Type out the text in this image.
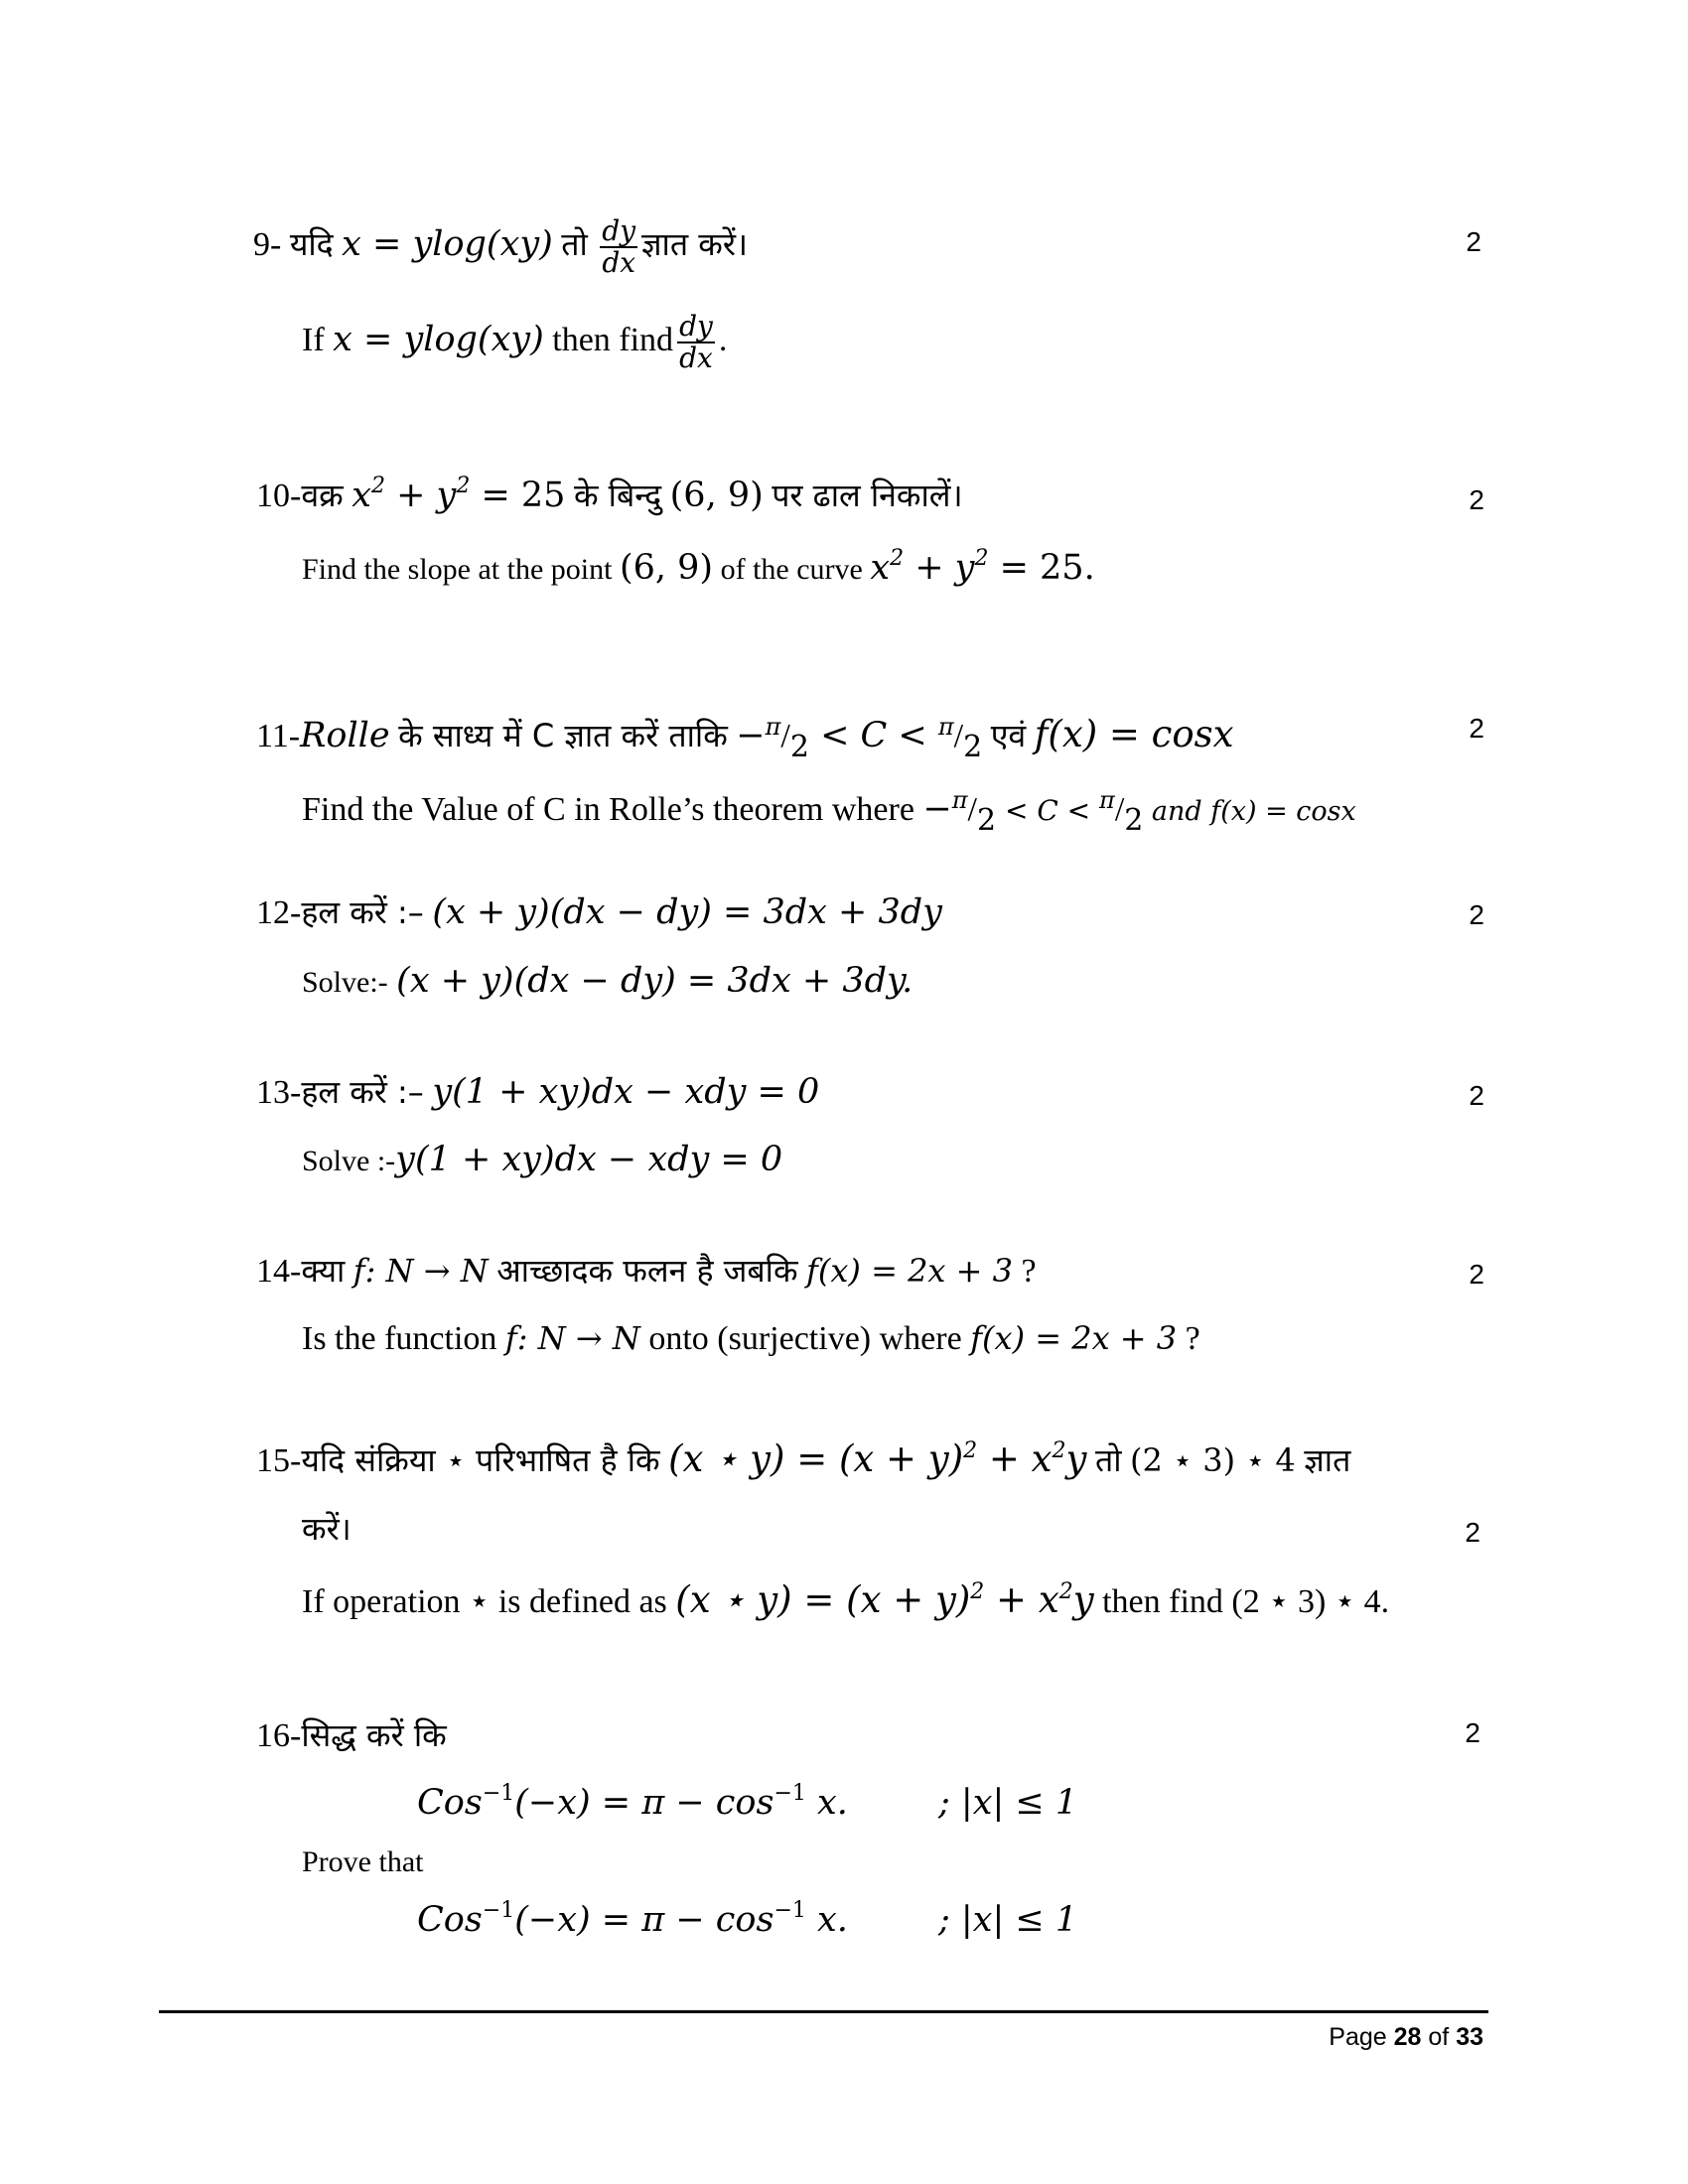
9- यदि x = ylog(xy) तो $\frac{dy}{dx}$ ज्ञात करें।	2
If x = ylog(xy) then find $\frac{dy}{dx}$ .
10-वक्र $x^2 + y^2 = 25$ के बिन्दु (6, 9) पर ढाल निकालें।	2
Find the slope at the point (6, 9) of the curve $x^2 + y^2 = 25$.
11-Rolle के साध्य में C ज्ञात करें ताकि −$^\pi$/2 < C < $^\pi$/2 एवं f(x) = cosx	2
Find the Value of C in Rolle’s theorem where −$^\pi$/2 < C < $^\pi$/2 and f(x) = cosx
12-हल करें :– (x + y)(dx − dy) = 3dx + 3dy	2
Solve:- (x + y)(dx − dy) = 3dx + 3dy.
13-हल करें :– y(1 + xy)dx − xdy = 0	2
Solve :-y(1 + xy)dx − xdy = 0
14-क्या f: N → N आच्छादक फलन है जबकि f(x) = 2x + 3 ?	2
Is the function f: N → N onto (surjective) where f(x) = 2x + 3 ?
15-यदि संक्रिया ⋆ परिभाषित है कि (x ⋆ $y) = (x + y)^2 + x^2y$ तो (2 ⋆ 3) ⋆ 4 ज्ञात
करें।	2
If operation ⋆ is defined as (x ⋆ $y) = (x + y)^2 + x^2y$ then find (2 ⋆ 3) ⋆ 4.
16-सिद्ध करें कि	2
$Cos^{-1}(-x) = \pi - \cos^{-1} x$.	; |x| ≤ 1
Prove that
$Cos^{-1}(-x) = \pi - \cos^{-1} x$.	; |x| ≤ 1
Page 28 of 33
